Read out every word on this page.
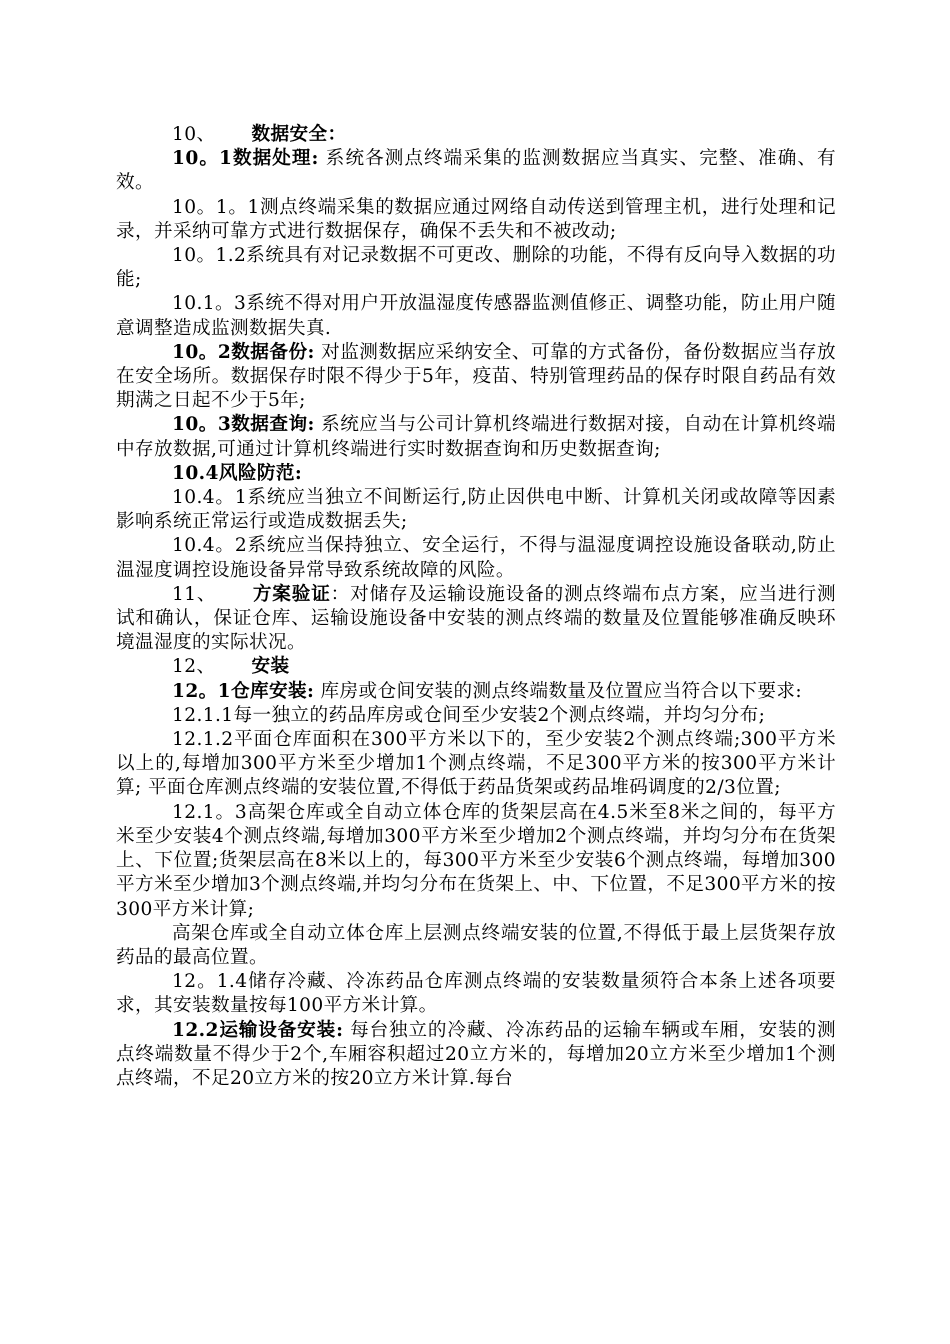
10、 数据安全：

10。1数据处理: 系统各测点终端采集的监测数据应当真实、完整、准确、有效。

10。1。1测点终端采集的数据应通过网络自动传送到管理主机，进行处理和记录，并采纳可靠方式进行数据保存，确保不丢失和不被改动;

10。1.2系统具有对记录数据不可更改、删除的功能，不得有反向导入数据的功能;

10.1。3系统不得对用户开放温湿度传感器监测值修正、调整功能，防止用户随意调整造成监测数据失真.

10。2数据备份: 对监测数据应采纳安全、可靠的方式备份，备份数据应当存放在安全场所。数据保存时限不得少于5年，疫苗、特别管理药品的保存时限自药品有效期满之日起不少于5年;

10。3数据查询: 系统应当与公司计算机终端进行数据对接，自动在计算机终端中存放数据,可通过计算机终端进行实时数据查询和历史数据查询;

10.4风险防范:

10.4。1系统应当独立不间断运行,防止因供电中断、计算机关闭或故障等因素影响系统正常运行或造成数据丢失;

10.4。2系统应当保持独立、安全运行，不得与温湿度调控设施设备联动,防止温湿度调控设施设备异常导致系统故障的风险。

11、 方案验证：对储存及运输设施设备的测点终端布点方案，应当进行测试和确认，保证仓库、运输设施设备中安装的测点终端的数量及位置能够准确反映环境温湿度的实际状况。

12、 安装

12。1仓库安装: 库房或仓间安装的测点终端数量及位置应当符合以下要求:

12.1.1每一独立的药品库房或仓间至少安装2个测点终端，并均匀分布;

12.1.2平面仓库面积在300平方米以下的，至少安装2个测点终端;300平方米以上的,每增加300平方米至少增加1个测点终端，不足300平方米的按300平方米计算; 平面仓库测点终端的安装位置,不得低于药品货架或药品堆码调度的2/3位置;

12.1。3高架仓库或全自动立体仓库的货架层高在4.5米至8米之间的，每平方米至少安装4个测点终端,每增加300平方米至少增加2个测点终端，并均匀分布在货架上、下位置;货架层高在8米以上的，每300平方米至少安装6个测点终端，每增加300平方米至少增加3个测点终端,并均匀分布在货架上、中、下位置，不足300平方米的按300平方米计算;

高架仓库或全自动立体仓库上层测点终端安装的位置,不得低于最上层货架存放药品的最高位置。

12。1.4储存冷藏、冷冻药品仓库测点终端的安装数量须符合本条上述各项要求，其安装数量按每100平方米计算。

12.2运输设备安装: 每台独立的冷藏、冷冻药品的运输车辆或车厢，安装的测点终端数量不得少于2个,车厢容积超过20立方米的，每增加20立方米至少增加1个测点终端，不足20立方米的按20立方米计算.每台
